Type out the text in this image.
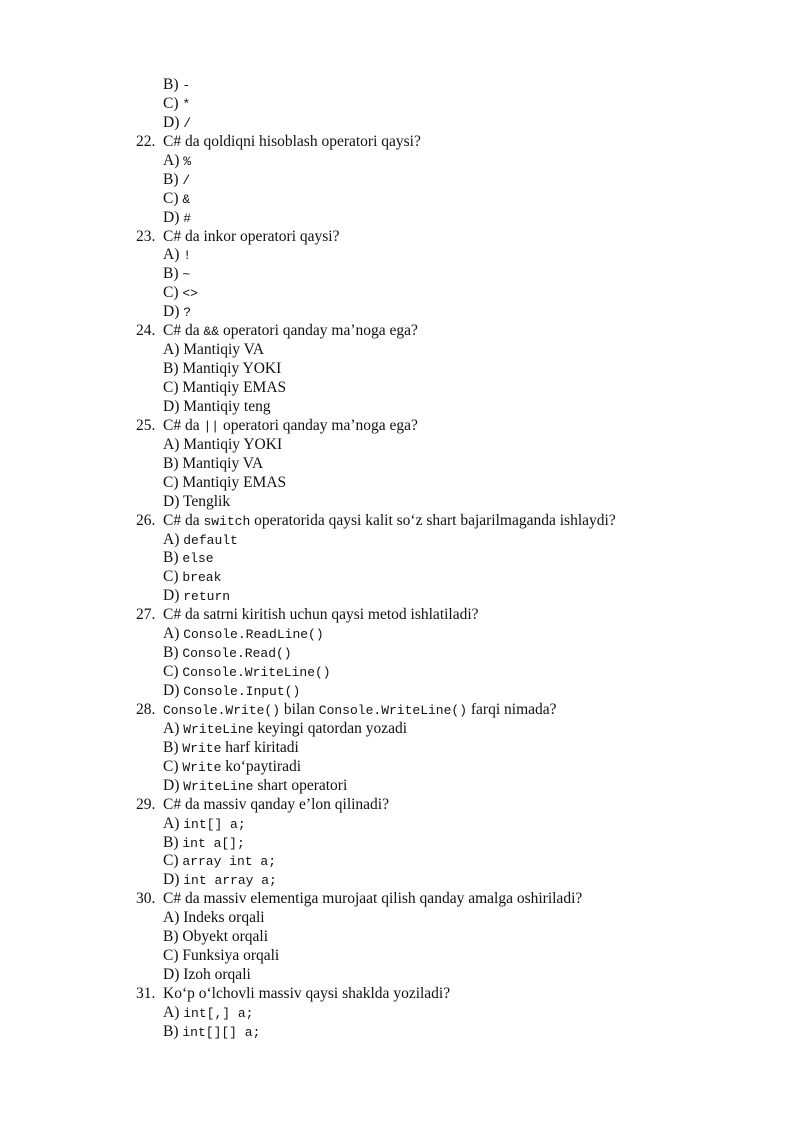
B) -
C) *
D) /
22. C# da qoldiqni hisoblash operatori qaysi?
A) %
B) /
C) &
D) #
23. C# da inkor operatori qaysi?
A) !
B) ~
C) <>
D) ?
24. C# da && operatori qanday ma’noga ega?
A) Mantiqiy VA
B) Mantiqiy YOKI
C) Mantiqiy EMAS
D) Mantiqiy teng
25. C# da || operatori qanday ma’noga ega?
A) Mantiqiy YOKI
B) Mantiqiy VA
C) Mantiqiy EMAS
D) Tenglik
26. C# da switch operatorida qaysi kalit so‘z shart bajarilmaganda ishlaydi?
A) default
B) else
C) break
D) return
27. C# da satrni kiritish uchun qaysi metod ishlatiladi?
A) Console.ReadLine()
B) Console.Read()
C) Console.WriteLine()
D) Console.Input()
28. Console.Write() bilan Console.WriteLine() farqi nimada?
A) WriteLine keyingi qatordan yozadi
B) Write harf kiritadi
C) Write ko‘paytiradi
D) WriteLine shart operatori
29. C# da massiv qanday e’lon qilinadi?
A) int[] a;
B) int a[];
C) array int a;
D) int array a;
30. C# da massiv elementiga murojaat qilish qanday amalga oshiriladi?
A) Indeks orqali
B) Obyekt orqali
C) Funksiya orqali
D) Izoh orqali
31. Ko‘p o‘lchovli massiv qaysi shaklda yoziladi?
A) int[,] a;
B) int[][] a;
